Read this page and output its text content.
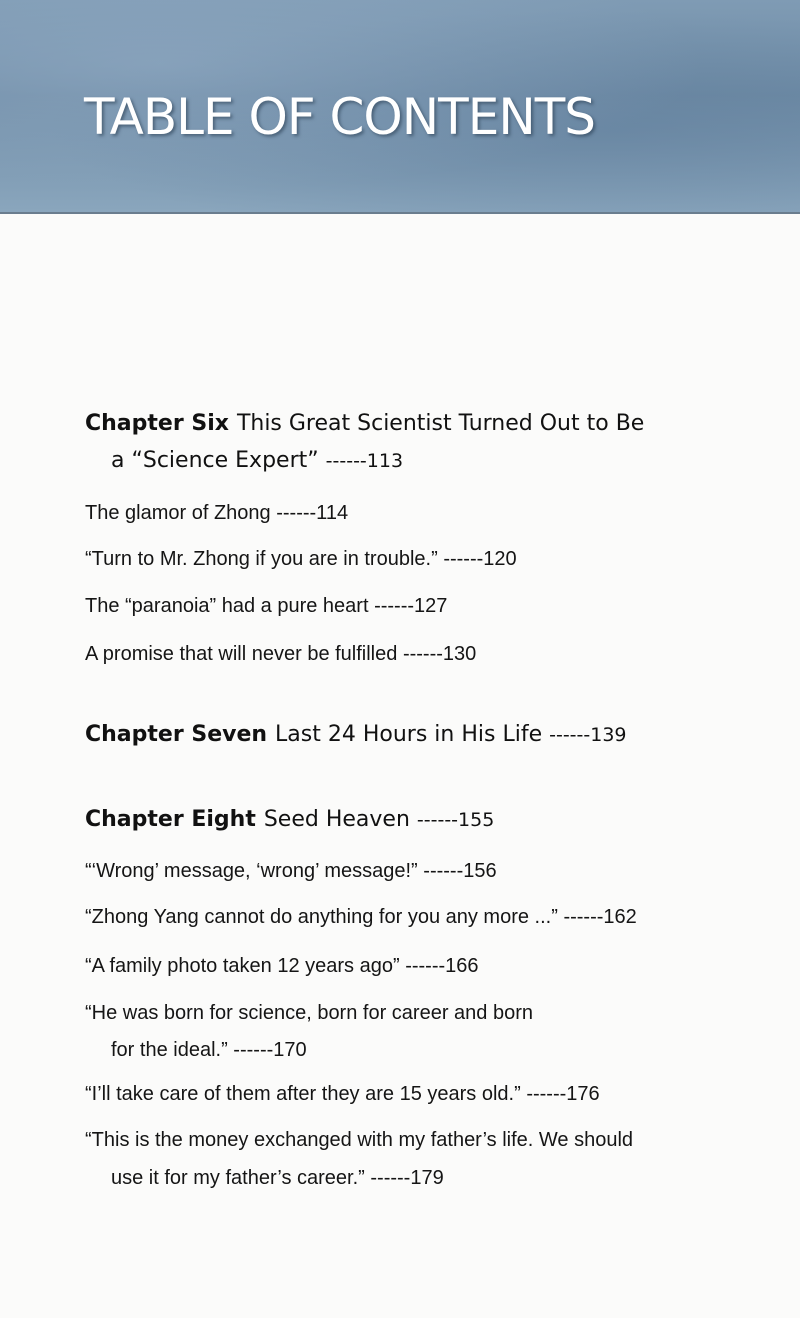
TABLE OF CONTENTS
Chapter Six This Great Scientist Turned Out to Be
a “Science Expert” ------113
The glamor of Zhong ------114
“Turn to Mr. Zhong if you are in trouble.” ------120
The “paranoia” had a pure heart ------127
A promise that will never be fulfilled ------130
Chapter Seven Last 24 Hours in His Life ------139
Chapter Eight Seed Heaven ------155
“‘Wrong’ message, ‘wrong’ message!” ------156
“Zhong Yang cannot do anything for you any more ...” ------162
“A family photo taken 12 years ago” ------166
“He was born for science, born for career and born
for the ideal.” ------170
“I’ll take care of them after they are 15 years old.” ------176
“This is the money exchanged with my father’s life. We should
use it for my father’s career.” ------179
